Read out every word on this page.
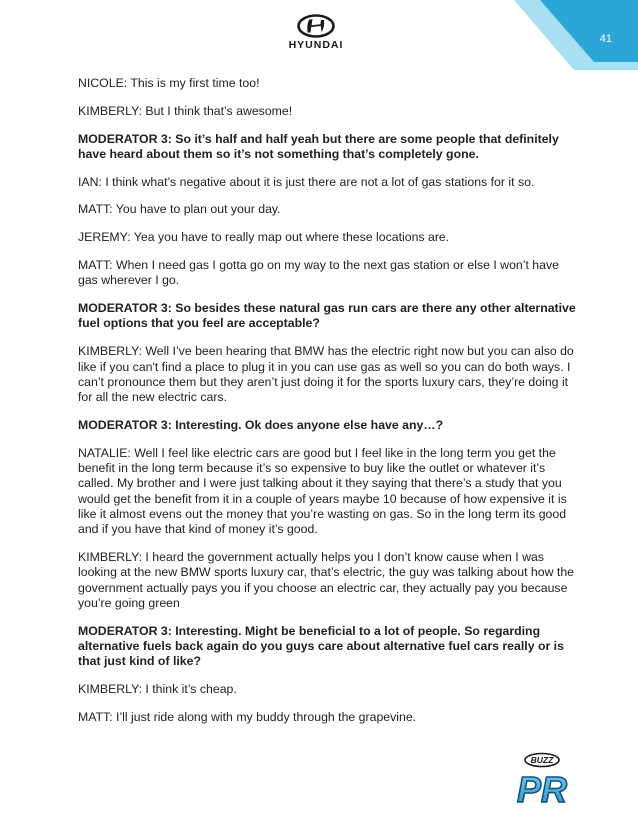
HYUNDAI	41

NICOLE: This is my first time too!

KIMBERLY: But I think that’s awesome!

MODERATOR 3: So it’s half and half yeah but there are some people that definitely have heard about them so it’s not something that’s completely gone.

IAN: I think what’s negative about it is just there are not a lot of gas stations for it so.

MATT: You have to plan out your day.

JEREMY: Yea you have to really map out where these locations are.

MATT: When I need gas I gotta go on my way to the next gas station or else I won’t have gas wherever I go.

MODERATOR 3: So besides these natural gas run cars are there any other alternative fuel options that you feel are acceptable?

KIMBERLY: Well I’ve been hearing that BMW has the electric right now but you can also do like if you can't find a place to plug it in you can use gas as well so you can do both ways. I can’t pronounce them but they aren’t just doing it for the sports luxury cars, they’re doing it for all the new electric cars.

MODERATOR 3: Interesting. Ok does anyone else have any…?

NATALIE: Well I feel like electric cars are good but I feel like in the long term you get the benefit in the long term because it’s so expensive to buy like the outlet or whatever it’s called. My brother and I were just talking about it they saying that there’s a study that you would get the benefit from it in a couple of years maybe 10 because of how expensive it is like it almost evens out the money that you’re wasting on gas. So in the long term its good and if you have that kind of money it’s good.

KIMBERLY: I heard the government actually helps you I don’t know cause when I was looking at the new BMW sports luxury car, that’s electric, the guy was talking about how the government actually pays you if you choose an electric car, they actually pay you because you’re going green

MODERATOR 3: Interesting. Might be beneficial to a lot of people. So regarding alternative fuels back again do you guys care about alternative fuel cars really or is that just kind of like?

KIMBERLY: I think it’s cheap.

MATT: I’ll just ride along with my buddy through the grapevine.

BUZZ
PR
